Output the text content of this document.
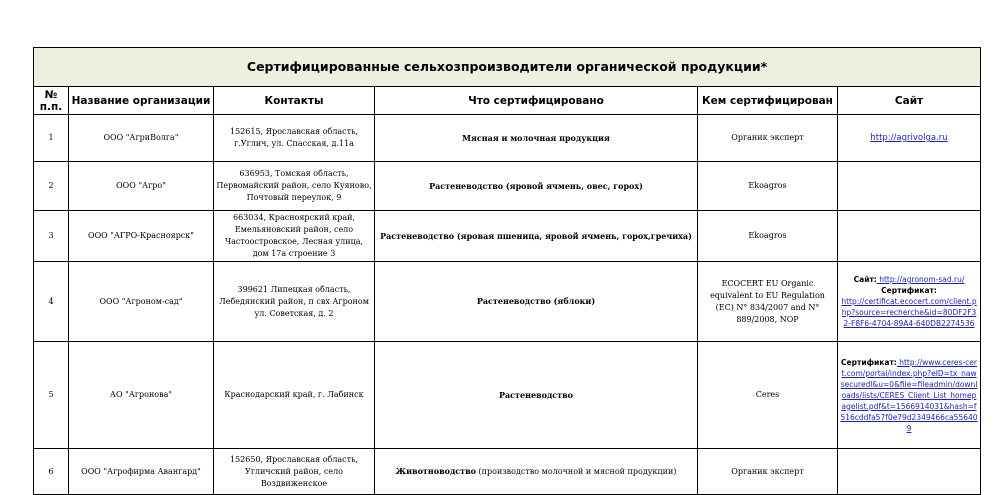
Сертифицированные сельхозпроизводители органической продукции*					
№ п.п.	Название организации	Контакты	Что сертифицировано	Кем сертифицирован	Сайт
1	ООО "АгриВолга"	152615, Ярославская область, г.Углич, ул. Спасская, д.11а	Мясная и молочная продукция	Органик эксперт	http://agrivolga.ru
2	ООО "Агро"	636953, Томская область, Первомайский район, село Куяново, Почтовый переулок, 9	Растеневодство (яровой ячмень, овес, горох)	Ekoagros	
3	ООО "АГРО-Красноярск"	663034, Красноярский край, Емельяновский район, село Частоостровское, Лесная улица, дом 17а строение 3	Растеневодство (яровая пшеница, яровой ячмень, горох,гречиха)	Ekoagros	
4	ООО "Агроном-сад"	399621 Липецкая область, Лебедянский район, п свх Агроном ул. Советская, д. 2	Растеневодство (яблоки)	ECOCERT EU Organic equivalent to EU Regulation (EC) N° 834/2007 and N° 889/2008, NOP	Сайт: http://agronom-sad.ru/
Сертификат:
http://certificat.ecocert.com/client.php?source=recherche&id=80DF2F32-F8F6-4704-89A4-640DB2274536
5	АО "Агронова"	Краснодарский край, г. Лабинск	Растеневодство	Ceres	Сертификат: http://www.ceres-cert.com/portal/index.php?eID=tx_nawsecuredl&u=0&file=fileadmin/downloads/lists/CERES_Client_List_homepagelist.pdf&t=1566914031&hash=f516cddfa57f0e79d2349466ca556409
6	ООО "Агрофирма Авангард"	152650, Ярославская область, Угличский район, село Воздвиженское	Животноводство (производство молочной и мясной продукции)	Органик эксперт	
